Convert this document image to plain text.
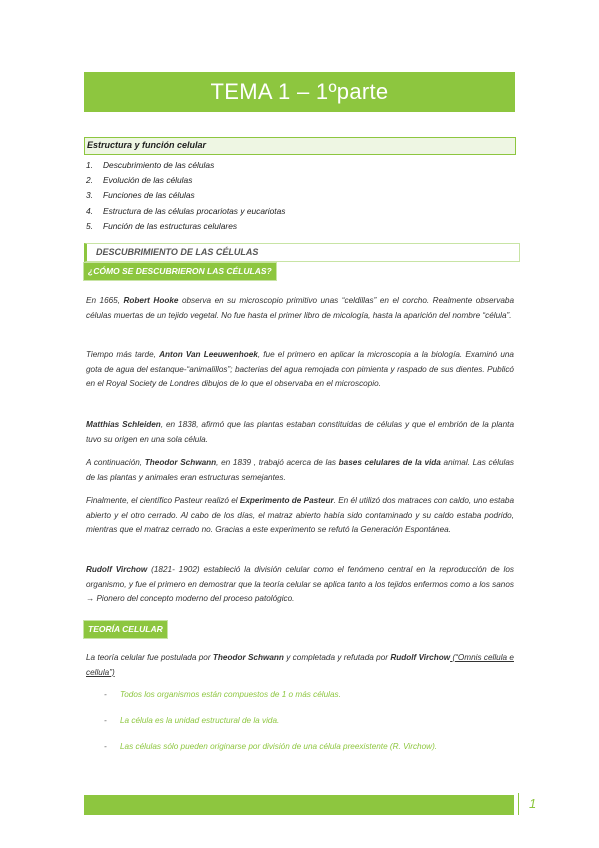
TEMA 1 – 1ºparte
Estructura y función celular
1.	Descubrimiento de las células
2.	Evolución de las células
3.	Funciones de las células
4.	Estructura de las células procariotas y eucariotas
5.	Función de las estructuras celulares
DESCUBRIMIENTO DE LAS CÉLULAS
¿CÓMO SE DESCUBRIERON LAS CÉLULAS?
En 1665, Robert Hooke observa en su microscopio primitivo unas “celdillas” en el corcho. Realmente observaba células muertas de un tejido vegetal. No fue hasta el primer libro de micología, hasta la aparición del nombre “célula”.
Tiempo más tarde, Anton Van Leeuwenhoek, fue el primero en aplicar la microscopia a la biología. Examinó una gota de agua del estanque-“animalillos”; bacterias del agua remojada con pimienta y raspado de sus dientes. Publicó en el Royal Society de Londres dibujos de lo que el observaba en el microscopio.
Matthias Schleiden, en 1838, afirmó que las plantas estaban constituidas de células y que el embrión de la planta tuvo su origen en una sola célula.
A continuación, Theodor Schwann, en 1839 , trabajó acerca de las bases celulares de la vida animal. Las células de las plantas y animales eran estructuras semejantes.
Finalmente, el científico Pasteur realizó el Experimento de Pasteur. En él utilizó dos matraces con caldo, uno estaba abierto y el otro cerrado. Al cabo de los días, el matraz abierto había sido contaminado y su caldo estaba podrido, mientras que el matraz cerrado no. Gracias a este experimento se refutó la Generación Espontánea.
Rudolf Virchow (1821- 1902) estableció la división celular como el fenómeno central en la reproducción de los organismo, y fue el primero en demostrar que la teoría celular se aplica tanto a los tejidos enfermos como a los sanos → Pionero del concepto moderno del proceso patológico.
TEORÍA CELULAR
La teoría celular fue postulada por Theodor Schwann y completada y refutada por Rudolf Virchow (“Omnis cellula e cellula”)
- Todos los organismos están compuestos de 1 o más células.
- La célula es la unidad estructural de la vida.
- Las células sólo pueden originarse por división de una célula preexistente (R. Virchow).
1
